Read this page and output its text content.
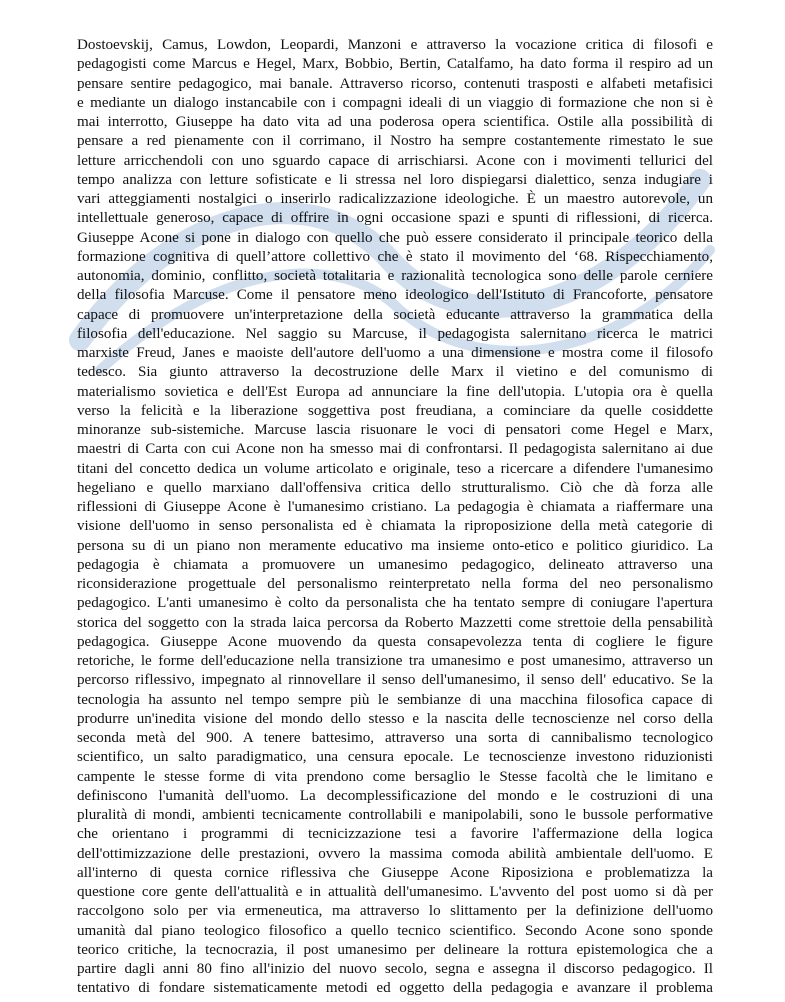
Dostoevskij, Camus, Lowdon, Leopardi, Manzoni e attraverso la vocazione critica di filosofi e
pedagogisti come Marcus e Hegel, Marx, Bobbio, Bertin, Catalfamo, ha dato forma il respiro ad un
pensare sentire pedagogico, mai banale. Attraverso ricorso, contenuti trasposti e alfabeti metafisici
e mediante un dialogo instancabile con i compagni ideali di un viaggio di formazione che non si è
mai interrotto, Giuseppe ha dato vita ad una poderosa opera scientifica. Ostile alla possibilità di
pensare a red pienamente con il corrimano, il Nostro ha sempre costantemente rimestato le sue
letture arricchendoli con uno sguardo capace di arrischiarsi. Acone con i movimenti tellurici del
tempo analizza con letture sofisticate e li stressa nel loro dispiegarsi dialettico, senza indugiare i
vari atteggiamenti nostalgici o inserirlo radicalizzazione ideologiche. È un maestro autorevole, un
intellettuale generoso, capace di offrire in ogni occasione spazi e spunti di riflessioni, di ricerca.
Giuseppe Acone si pone in dialogo con quello che può essere considerato il principale teorico della
formazione cognitiva di quell’attore collettivo che è stato il movimento del ‘68. Rispecchiamento,
autonomia, dominio, conflitto, società totalitaria e razionalità tecnologica sono delle parole cerniere
della filosofia Marcuse. Come il pensatore meno ideologico dell'Istituto di Francoforte, pensatore
capace di promuovere un'interpretazione della società educante attraverso la grammatica della
filosofia dell'educazione. Nel saggio su Marcuse, il pedagogista salernitano ricerca le matrici
marxiste Freud, Janes e maoiste dell'autore dell'uomo a una dimensione e mostra come il filosofo
tedesco. Sia giunto attraverso la decostruzione delle Marx il vietino e del comunismo di
materialismo sovietica e dell'Est Europa ad annunciare la fine dell'utopia. L'utopia ora è quella
verso la felicità e la liberazione soggettiva post freudiana, a cominciare da quelle cosiddette
minoranze sub-sistemiche. Marcuse lascia risuonare le voci di pensatori come Hegel e Marx,
maestri di Carta con cui Acone non ha smesso mai di confrontarsi. Il pedagogista salernitano ai due
titani del concetto dedica un volume articolato e originale, teso a ricercare a difendere l'umanesimo
hegeliano e quello marxiano dall'offensiva critica dello strutturalismo. Ciò che dà forza alle
riflessioni di Giuseppe Acone è l'umanesimo cristiano. La pedagogia è chiamata a riaffermare una
visione dell'uomo in senso personalista ed è chiamata la riproposizione della metà categorie di
persona su di un piano non meramente educativo ma insieme onto-etico e politico giuridico. La
pedagogia è chiamata a promuovere un umanesimo pedagogico, delineato attraverso una
riconsiderazione progettuale del personalismo reinterpretato nella forma del neo personalismo
pedagogico. L'anti umanesimo è colto da personalista che ha tentato sempre di coniugare l'apertura
storica del soggetto con la strada laica percorsa da Roberto Mazzetti come strettoie della pensabilità
pedagogica. Giuseppe Acone muovendo da questa consapevolezza tenta di cogliere le figure
retoriche, le forme dell'educazione nella transizione tra umanesimo e post umanesimo, attraverso un
percorso riflessivo, impegnato al rinnovellare il senso dell'umanesimo, il senso dell' educativo. Se la
tecnologia ha assunto nel tempo sempre più le sembianze di una macchina filosofica capace di
produrre un'inedita visione del mondo dello stesso e la nascita delle tecnoscienze nel corso della
seconda metà del 900. A tenere battesimo, attraverso una sorta di cannibalismo tecnologico
scientifico, un salto paradigmatico, una censura epocale. Le tecnoscienze investono riduzionisti
campente le stesse forme di vita prendono come bersaglio le Stesse facoltà che le limitano e
definiscono l'umanità dell'uomo. La decomplessificazione del mondo e le costruzioni di una
pluralità di mondi, ambienti tecnicamente controllabili e manipolabili, sono le bussole performative
che orientano i programmi di tecnicizzazione tesi a favorire l'affermazione della logica
dell'ottimizzazione delle prestazioni, ovvero la massima comoda abilità ambientale dell'uomo. E
all'interno di questa cornice riflessiva che Giuseppe Acone Riposiziona e problematizza la
questione core gente dell'attualità e in attualità dell'umanesimo. L'avvento del post uomo si dà per
raccolgono solo per via ermeneutica, ma attraverso lo slittamento per la definizione dell'uomo
umanità dal piano teologico filosofico a quello tecnico scientifico. Secondo Acone sono sponde
teorico critiche, la tecnocrazia, il post umanesimo per delineare la rottura epistemologica che a
partire dagli anni 80 fino all'inizio del nuovo secolo, segna e assegna il discorso pedagogico. Il
tentativo di fondare sistematicamente metodi ed oggetto della pedagogia e avanzare il problema
